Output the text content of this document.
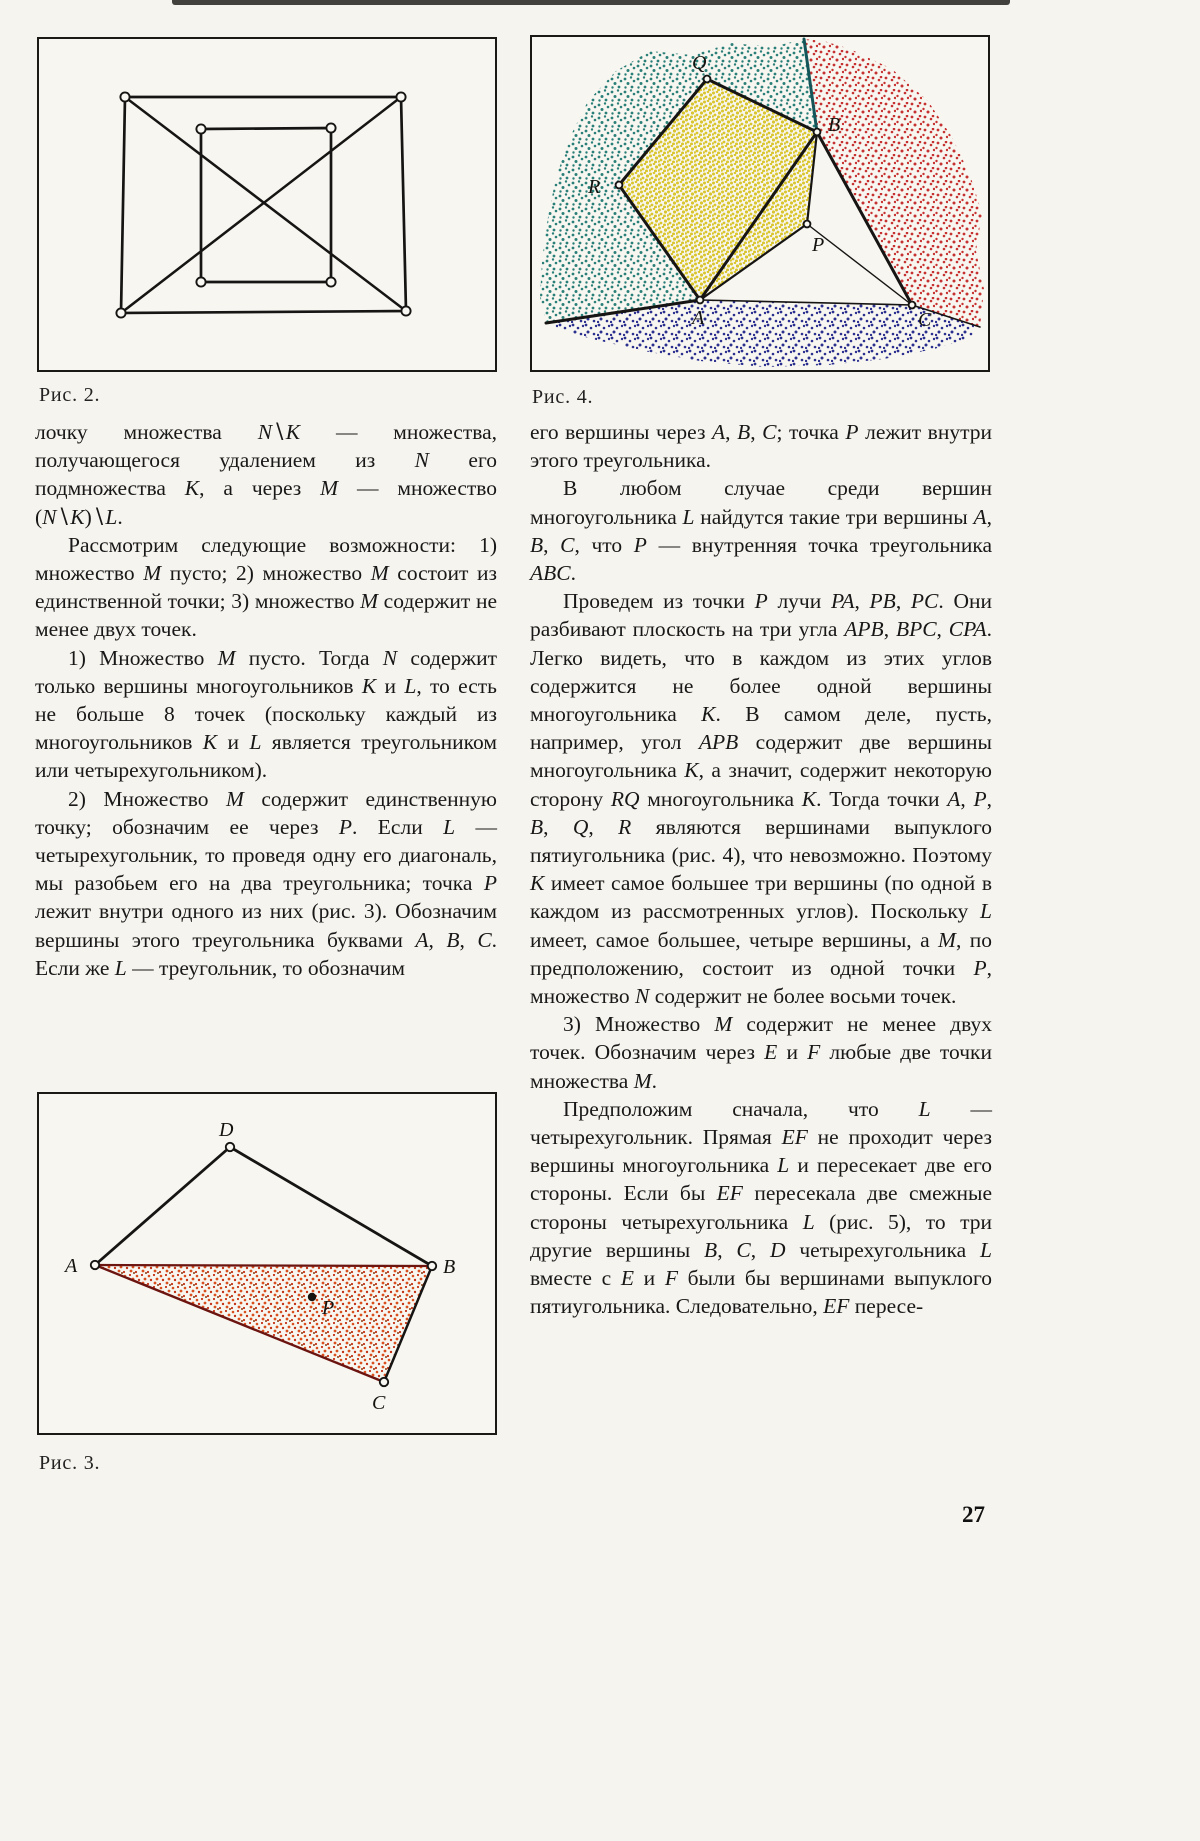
Рис. 2.
Q
B
R
P
A	C
Рис. 4.

лочку множества N∖K — множества, получающегося удалением из N его подмножества K, а через M — множество (N∖K)∖L.

Рассмотрим следующие возможности: 1) множество M пусто; 2) множество M состоит из единственной точки; 3) множество M содержит не менее двух точек.

1) Множество M пусто. Тогда N содержит только вершины многоугольников K и L, то есть не больше 8 точек (поскольку каждый из многоугольников K и L является треугольником или четырехугольником).

2) Множество M содержит единственную точку; обозначим ее через P. Если L — четырехугольник, то проведя одну его диагональ, мы разобьем его на два треугольника; точка P лежит внутри одного из них (рис. 3). Обозначим вершины этого треугольника буквами A, B, C. Если же L — треугольник, то обозначим

его вершины через A, B, C; точка P лежит внутри этого треугольника.

В любом случае среди вершин многоугольника L найдутся такие три вершины A, B, C, что P — внутренняя точка треугольника ABC.

Проведем из точки P лучи PA, PB, PC. Они разбивают плоскость на три угла APB, BPC, CPA. Легко видеть, что в каждом из этих углов содержится не более одной вершины многоугольника K. В самом деле, пусть, например, угол APB содержит две вершины многоугольника K, а значит, содержит некоторую сторону RQ многоугольника K. Тогда точки A, P, B, Q, R являются вершинами выпуклого пятиугольника (рис. 4), что невозможно. Поэтому K имеет самое большее три вершины (по одной в каждом из рассмотренных углов). Поскольку L имеет, самое большее, четыре вершины, а M, по предположению, состоит из одной точки P, множество N содержит не более восьми точек.

3) Множество M содержит не менее двух точек. Обозначим через E и F любые две точки множества M.

Предположим сначала, что L — четырехугольник. Прямая EF не проходит через вершины многоугольника L и пересекает две его стороны. Если бы EF пересекала две смежные стороны четырехугольника L (рис. 5), то три другие вершины B, C, D четырехугольника L вместе с E и F были бы вершинами выпуклого пятиугольника. Следовательно, EF пересе-

D
A	B
C
P
Рис. 3.
27
